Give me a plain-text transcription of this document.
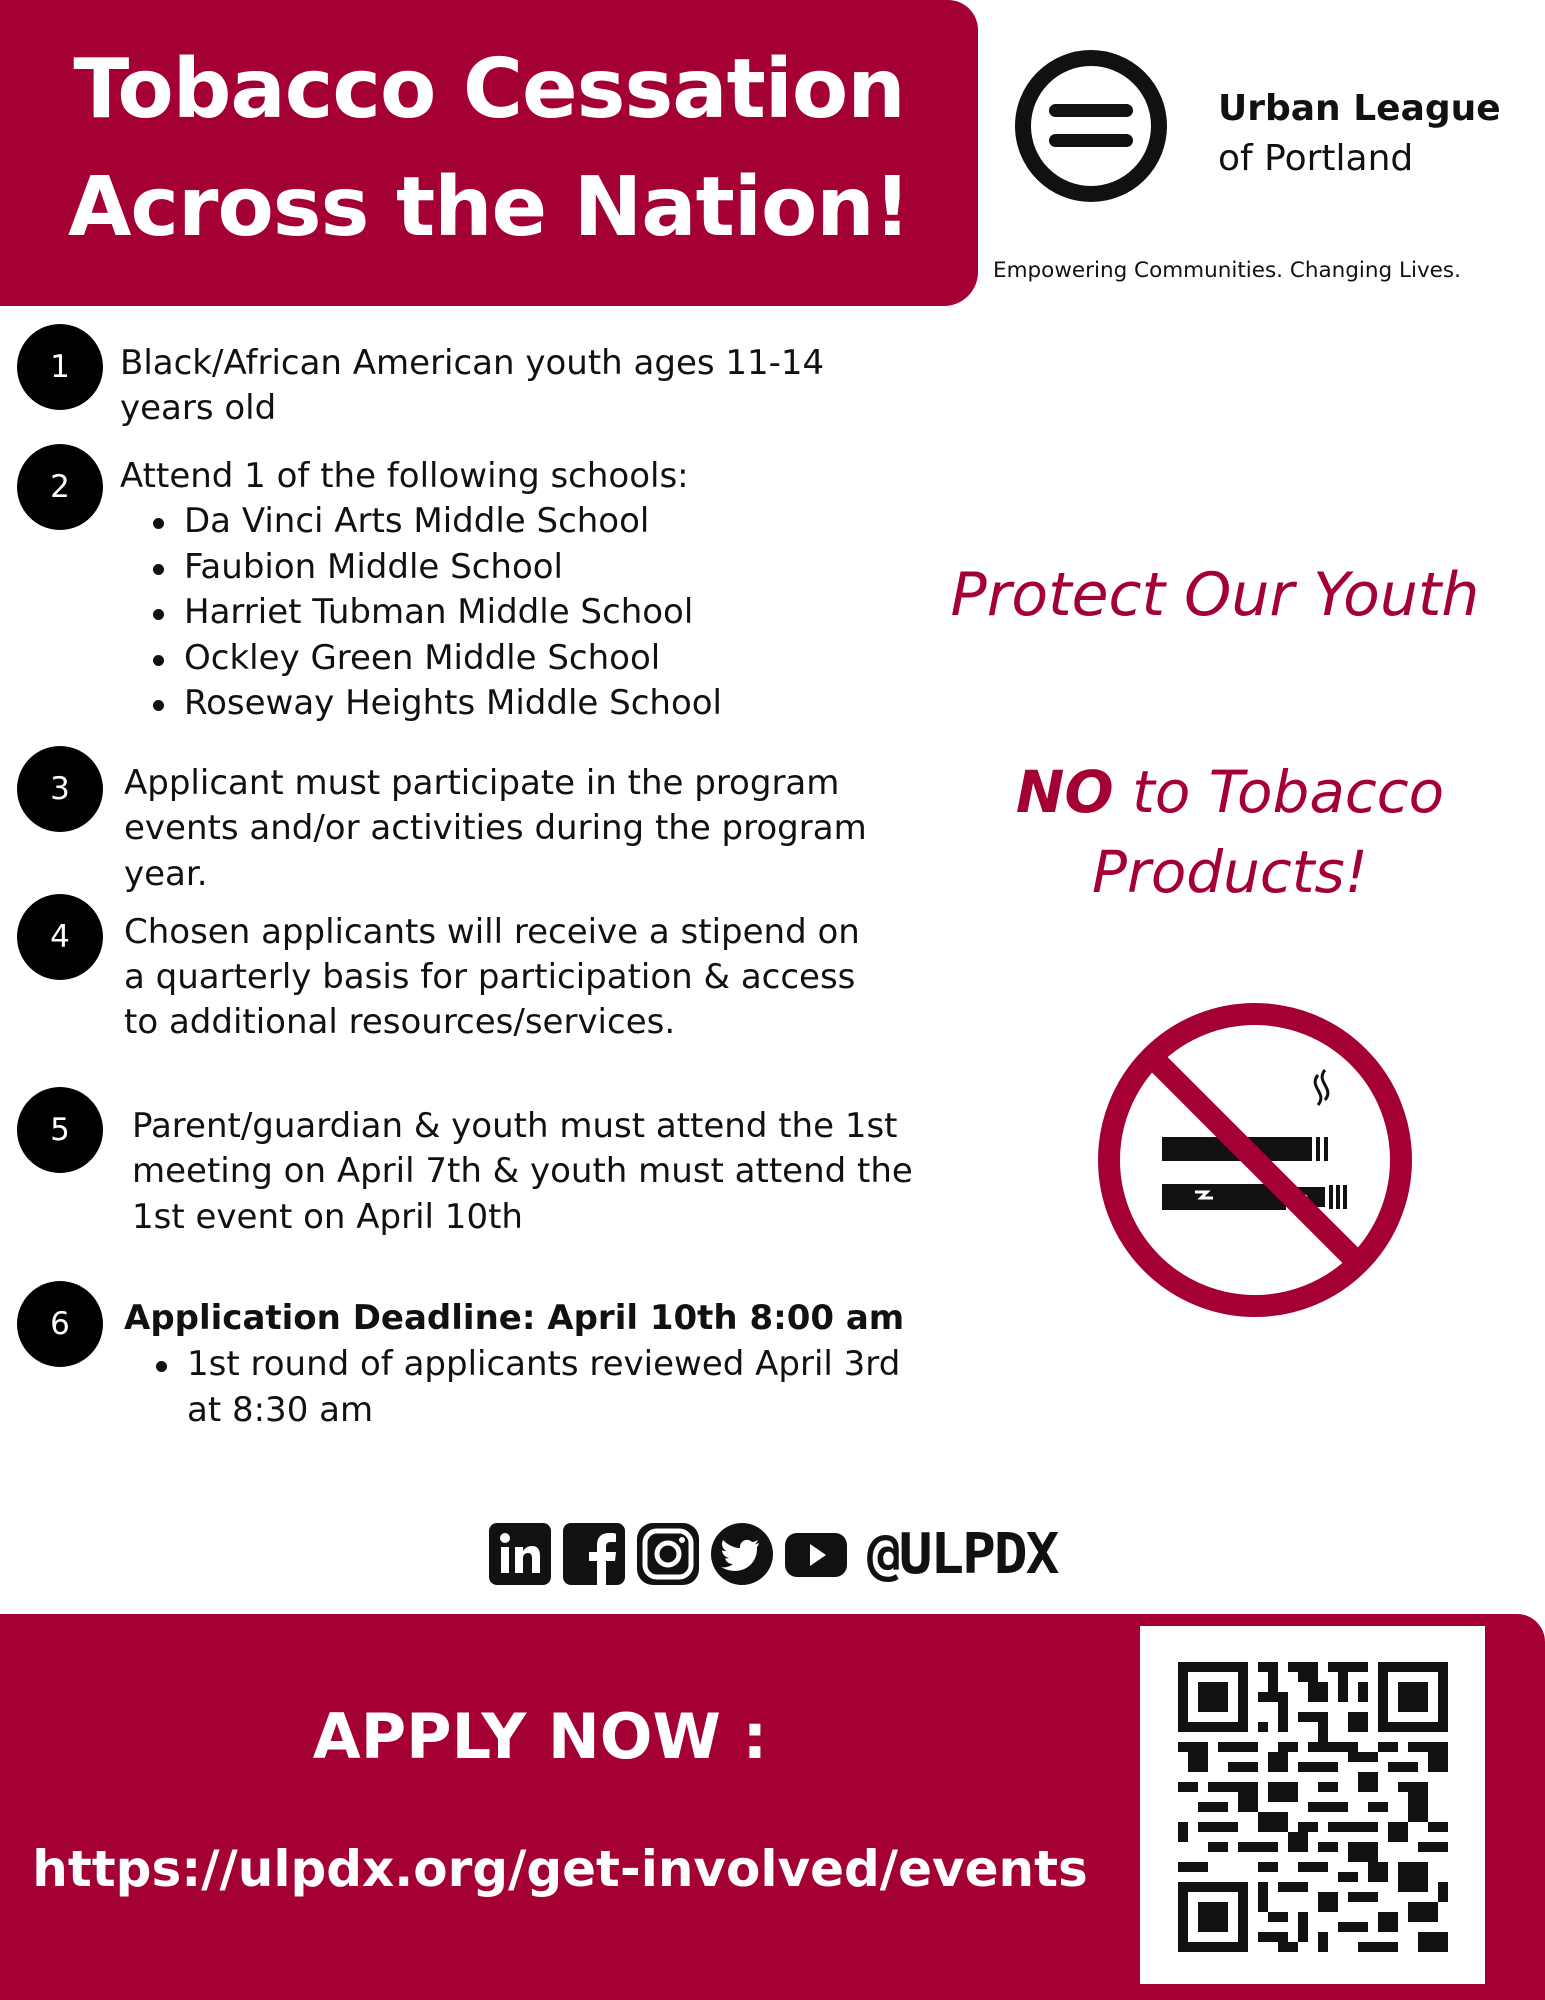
Tobacco Cessation
Across the Nation!
Urban League
of Portland
Empowering Communities. Changing Lives.
1	Black/African American youth ages 11-14
years old
2	Attend 1 of the following schools:
Da Vinci Arts Middle School
Faubion Middle School
Harriet Tubman Middle School
Ockley Green Middle School
Roseway Heights Middle School
3	Applicant must participate in the program
events and/or activities during the program
year.
4	Chosen applicants will receive a stipend on
a quarterly basis for participation & access
to additional resources/services.
5	Parent/guardian & youth must attend the 1st
meeting on April 7th & youth must attend the
1st event on April 10th
6	Application Deadline: April 10th 8:00 am
1st round of applicants reviewed April 3rd
at 8:30 am
Protect Our Youth
NO to Tobacco
Products!
@ULPDX
APPLY NOW :
https://ulpdx.org/get-involved/events
